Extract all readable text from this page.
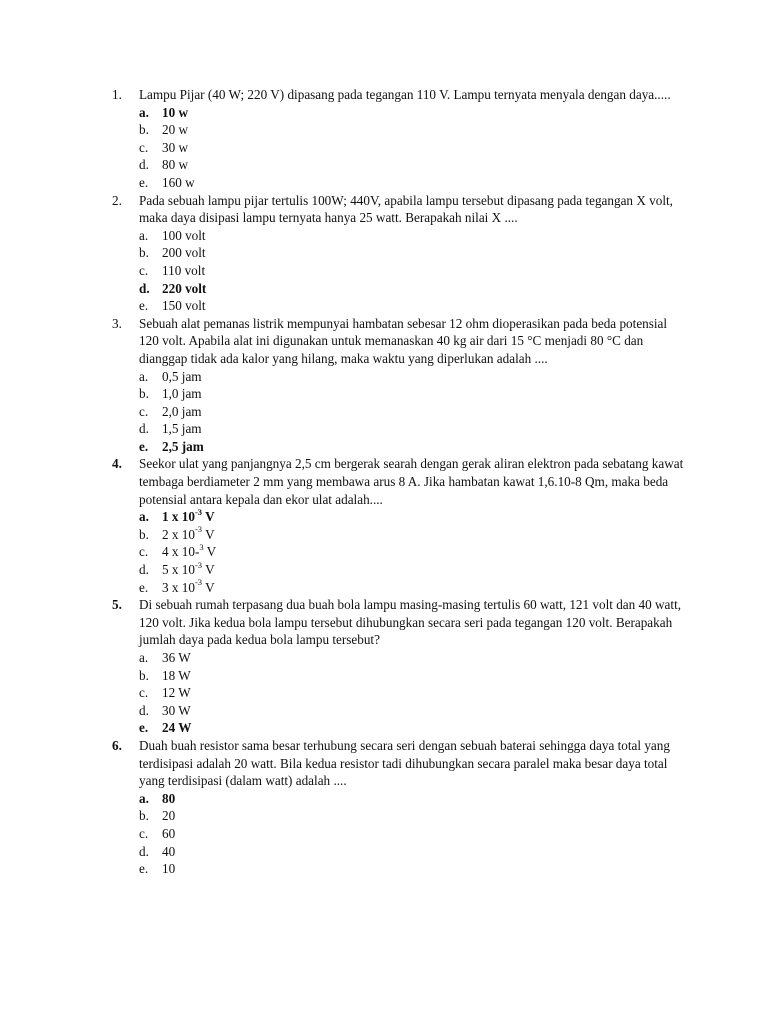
1. Lampu Pijar (40 W; 220 V) dipasang pada tegangan 110 V. Lampu ternyata menyala dengan daya.....
a. 10 w
b. 20 w
c. 30 w
d. 80 w
e. 160 w
2. Pada sebuah lampu pijar tertulis 100W; 440V, apabila lampu tersebut dipasang pada tegangan X volt, maka daya disipasi lampu ternyata hanya 25 watt. Berapakah nilai X ....
a. 100 volt
b. 200 volt
c. 110 volt
d. 220 volt
e. 150 volt
3. Sebuah alat pemanas listrik mempunyai hambatan sebesar 12 ohm dioperasikan pada beda potensial 120 volt. Apabila alat ini digunakan untuk memanaskan 40 kg air dari 15 °C menjadi 80 °C dan dianggap tidak ada kalor yang hilang, maka waktu yang diperlukan adalah ....
a. 0,5 jam
b. 1,0 jam
c. 2,0 jam
d. 1,5 jam
e. 2,5 jam
4. Seekor ulat yang panjangnya 2,5 cm bergerak searah dengan gerak aliran elektron pada sebatang kawat tembaga berdiameter 2 mm yang membawa arus 8 A. Jika hambatan kawat 1,6.10-8 Qm, maka beda potensial antara kepala dan ekor ulat adalah....
a. 1 x $10^{-3}$ V
b. 2 x $10^{-3}$ V
c. 4 x 10-$^3$ V
d. 5 x $10^{-3}$ V
e. 3 x $10^{-3}$ V
5. Di sebuah rumah terpasang dua buah bola lampu masing-masing tertulis 60 watt, 121 volt dan 40 watt, 120 volt. Jika kedua bola lampu tersebut dihubungkan secara seri pada tegangan 120 volt. Berapakah jumlah daya pada kedua bola lampu tersebut?
a. 36 W
b. 18 W
c. 12 W
d. 30 W
e. 24 W
6. Duah buah resistor sama besar terhubung secara seri dengan sebuah baterai sehingga daya total yang terdisipasi adalah 20 watt. Bila kedua resistor tadi dihubungkan secara paralel maka besar daya total yang terdisipasi (dalam watt) adalah ....
a. 80
b. 20
c. 60
d. 40
e. 10
